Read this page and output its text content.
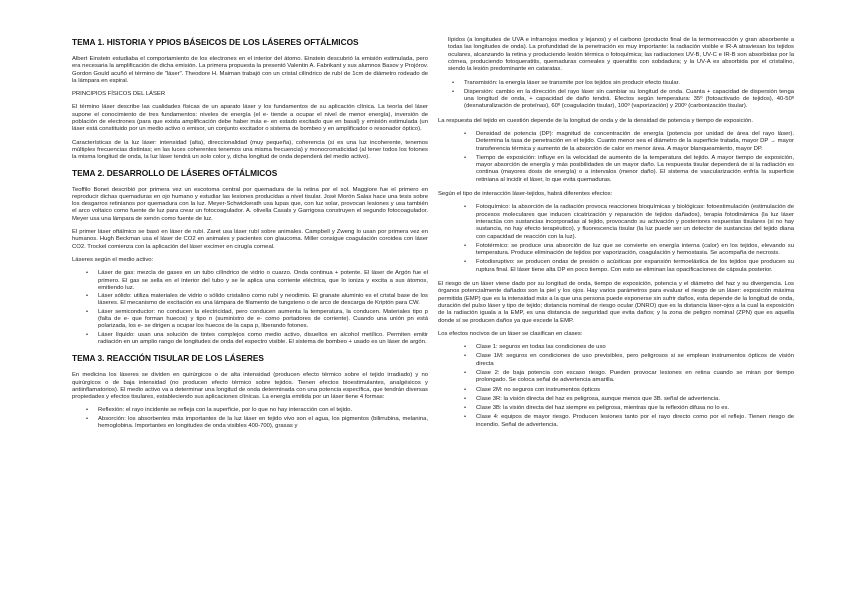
TEMA 1. HISTORIA Y PPIOS BÁSEICOS DE LOS LÁSERES OFTÁLMICOS

Albert Einstein estudiaba el comportamiento de los electrones en el interior del átomo. Einstein descubrió la emisión estimulada, pero era necesaria la amplificación de dicha emisión. La primera propuesta la presentó Valentin A. Fabrikant y sus alumnos Basov y Projórov. Gordon Gould acuñó el término de "láser". Theodore H. Maiman trabajó con un cristal cilíndrico de rubí de 1cm de diámetro rodeado de la lámpara en espiral.

PRINCIPIOS FÍSICOS DEL LÁSER

El término láser describe las cualidades físicas de un aparato láser y los fundamentos de su aplicación clínica. La teoría del láser supone el conocimiento de tres fundamentos: niveles de energía (el e- tiende a ocupar el nivel de menor energía), inversión de población de electrones (para que exista amplificación debe haber más e- en estado excitado que en basal) y emisión estimulada (un láser está constituido por un medio activo o emisor, un conjunto excitador o sistema de bombeo y en amplificador o resonador óptico).

Características de la luz láser: intensidad (alta), direccionalidad (muy pequeña), coherencia (si es una luz incoherente, tenemos múltiples frecuencias distintas; en las luces coherentes tenemos una misma frecuencia) y monocromaticidad (al tener todos los fotones la misma longitud de onda, la luz láser tendrá un solo color y, dicha longitud de onda dependerá del medio activo).

TEMA 2. DESARROLLO DE LÁSERES OFTÁLMICOS

Teoffilo Bonet describió por primera vez un escotoma central por quemadura de la retina por el sol. Maggiore fue el primero en reproducir dichas quemaduras en ojo humano y estudiar las lesiones producidas a nivel tisular. José Morón Salas hace una tesis sobre los desgarros retinianos por quemadura con la luz. Meyer-Schwickerath usa lupas que, con luz solar, provocan lesiones y usa también el arco voltaico como fuente de luz para crear un fotocoagulador. A. olivella Casals y Garrigosa construyen el segundo fotocoagulador. Meyer usa una lámpara de xenón como fuente de luz.

El primer láser oftálmico se basó en láser de rubí. Zaret usa láser rubí sobre animales. Campbell y Zweng lo usan por primera vez en humanos. Hugh Beckman usa el láser de CO2 en animales y pacientes con glaucoma. Miller consigue coagulación coroidea con láser CO2. Trockel comienza con la aplicación del láser excimer en cirugía corneal.

Láseres según el medio activo:

• Láser de gas: mezcla de gases en un tubo cilíndrico de vidrio o cuarzo. Onda continua + potente. El láser de Argón fue el primero. El gas se sella en el interior del tubo y se le aplica una corriente eléctrica, que lo ioniza y excita a sus átomos, emitiendo luz.
• Láser sólido: utiliza materiales de vidrio o sólido cristalino como rubí y neodimio. El granate aluminio es el cristal base de los láseres. El mecanismo de excitación es una lámpara de filamento de tungsteno o de arco de descarga de Kriptón para CW.
• Láser semiconductor: no conducen la electricidad, pero conducen aumenta la temperatura, la conducen. Materiales tipo p (falta de e- que forman huecos) y tipo n (suministro de e- como portadores de corriente). Cuando una unión pn está polarizada, los e- se dirigen a ocupar los huecos de la capa p, liberando fotones.
• Láser líquido: usan una solución de tintes complejos como medio activo, disueltos en alcohol metílico. Permiten emitir radiación en un amplio rango de longitudes de onda del espectro visible. El sistema de bombeo + usado es un láser de argón.
TEMA 3. REACCIÓN TISULAR DE LOS LÁSERES

En medicina los láseres se dividen en quirúrgicos o de alta intensidad (producen efecto térmico sobre el tejido irradiado) y no quirúrgicos o de baja intensidad (no producen efecto térmico sobre tejidos. Tienen efectos bioestimulantes, analgésicos y antiinflamatorios). El medio activo va a determinar una longitud de onda determinada con una potencia específica, que tendrán diversas propiedades y efectos tisulares, estableciendo sus aplicaciones clínicas. La energía emitida por un láser tiene 4 formas:

• Reflexión: el rayo incidente se refleja con la superficie, por lo que no hay interacción con el tejido.
• Absorción: los absorbentes más importantes de la luz láser en tejido vivo son el agua, los pigmentos (bilirrubina, melanina, hemoglobina. Importantes en longitudes de onda visibles 400-700), grasas y
lípidos (a longitudes de UVA e infrarrojos medios y lejanos) y el carbono (producto final de la termorreacción y gran absorbente a todas las longitudes de onda). La profundidad de la penetración es muy importante: la radiación visible e IR-A atraviesan los tejidos oculares, alcanzando la retina y produciendo lesión térmica o fotoquímica; las radiaciones UV-B, UV-C e IR-B son absorbidas por la córnea, produciendo fotoqueratitis, quemaduras corneales y queratitis con sobdadura; y la UV-A es absorbida por el cristalino, siendo la lesión predominante en cataratas.
• Transmisión: la energía láser se transmite por los tejidos sin producir efecto tisular.
• Dispersión: cambio en la dirección del rayo láser sin cambiar su longitud de onda. Cuanta + capacidad de dispersión tenga una longitud de onda, + capacidad de daño tendrá. Efectos según temperatura: 35º (fotoactivado de tejidos), 40-50º (desnaturalización de proteínas), 60º (coagulación tisular), 100º (vaporización) y 200º (carbonización tisular).

La respuesta del tejido en cuestión depende de la longitud de onda y de la densidad de potencia y tiempo de exposición.

• Densidad de potencia (DP): magnitud de concentración de energía (potencia por unidad de área del rayo láser). Determina la tasa de penetración en el tejido. Cuanto menor sea el diámetro de la superficie tratada, mayor DP → mayor transferencia térmica y aumento de la absorción de calor en menor área. A mayor blanqueamiento, mayor DP.
• Tiempo de exposición: influye en la velocidad de aumento de la temperatura del tejido. A mayor tiempo de exposición, mayor absorción de energía y más posibilidades de un mayor daño. La respuesta tisular dependerá de si la radiación es continua (mayores dosis de energía) o a intervalos (menor daño). El sistema de vascularización enfría la superficie retiniana al incidir el láser, lo que evita quemaduras.

Según el tipo de interacción láser-tejidos, habrá diferentes efectos:

• Fotoquímico: la absorción de la radiación provoca reacciones bioquímicas y biológicas: fotoestimulación (estimulación de procesos moleculares que inducen cicatrización y reparación de tejidos dañados), terapia fotodinámica (la luz láser interactúa con sustancias incorporadas al tejido, provocando su activación y posteriores respuestas tisulares (si no hay sustancia, no hay efecto terapéutico), y fluorescencia tisular (la luz puede ser un detector de sustancias del tejido diana con capacidad de reacción con la luz).
• Fototérmico: se produce una absorción de luz que se convierte en energía interna (calor) en los tejidos, elevando su temperatura. Produce eliminación de tejidos por vaporización, coagulación y hemostasia. Se acompaña de necrosis.
• Fotodisruptivo: se producen ondas de presión o acústicas por expansión termoelástica de los tejidos que producen su ruptura final. El láser tiene alta DP en poco tiempo. Con esto se eliminan las opacificaciones de cápsula posterior.

El riesgo de un láser viene dado por su longitud de onda, tiempo de exposición, potencia y el diámetro del haz y su divergencia. Los órganos potencialmente dañados son la piel y los ojos. Hay varios parámetros para evaluar el riesgo de un láser: exposición máxima permitida (EMP) que es la intensidad máx a la que una persona puede exponerse sin sufrir daños, esta depende de la longitud de onda, duración del pulso láser y tipo de tejido; distancia nominal de riesgo ocular (DNRO) que es la distancia láser-ojos a la cual la exposición de la radiación iguala a la EMP, es una distancia de seguridad que evita daños; y la zona de peligro nominal (ZPN) que es aquella donde sí se producen daños ya que excede la EMP.

Los efectos nocivos de un láser se clasifican en clases:

• Clase 1: seguros en todas las condiciones de uso
• Clase 1M: seguros en condiciones de uso previsibles, pero peligrosos si se emplean instrumentos ópticos de visión directa
• Clase 2: de baja potencia con escaso riesgo. Pueden provocar lesiones en retina cuando se miran por tiempo prolongado. Se coloca señal de advertencia amarilla.
• Clase 2M: no seguros con instrumentos ópticos
• Clase 3R: la visión directa del haz es peligrosa, aunque menos que 3B. señal de advertencia.
• Clase 3B: la visión directa del haz siempre es peligrosa, mientras que la reflexión difusa no lo es.
• Clase 4: equipos de mayor riesgo. Producen lesiones tanto por el rayo directo como por el reflejo. Tienen riesgo de incendio. Señal de advertencia.
